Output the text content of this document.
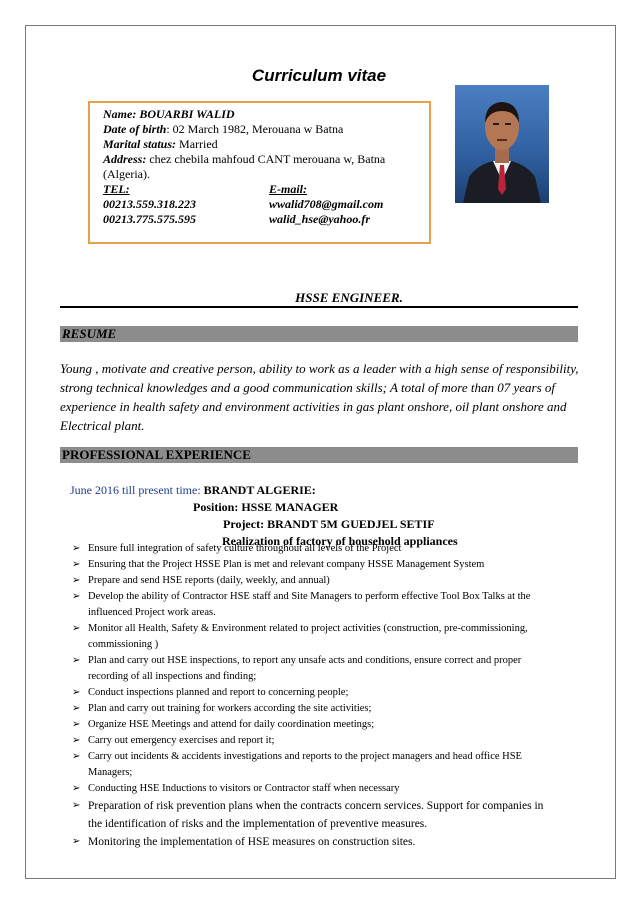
Curriculum vitae
Name: BOUARBI WALID
Date of birth: 02 March 1982, Merouana w Batna
Marital status: Married
Address: chez chebila mahfoud CANT merouana w, Batna (Algeria).
TEL:	E-mail:
00213.559.318.223	wwalid708@gmail.com
00213.775.575.595	walid_hse@yahoo.fr
HSSE ENGINEER.
RESUME
Young , motivate and creative person, ability to work as a leader with a high sense of responsibility, strong technical knowledges and a good communication skills; A total of more than 07 years of experience in health safety and environment activities in gas plant onshore, oil plant onshore and Electrical plant.
PROFESSIONAL EXPERIENCE
June 2016 till present time: BRANDT ALGERIE:
Position: HSSE MANAGER
Project: BRANDT 5M GUEDJEL SETIF
Realization of factory of household appliances
➢ Ensure full integration of safety culture throughout all levels of the Project
➢ Ensuring that the Project HSSE Plan is met and relevant company HSSE Management System
➢ Prepare and send HSE reports (daily, weekly, and annual)
➢ Develop the ability of Contractor HSE staff and Site Managers to perform effective Tool Box Talks at the influenced Project work areas.
➢ Monitor all Health, Safety & Environment related to project activities (construction, pre-commissioning, commissioning )
➢ Plan and carry out HSE inspections, to report any unsafe acts and conditions, ensure correct and proper recording of all inspections and finding;
➢ Conduct inspections planned and report to concerning people;
➢ Plan and carry out training for workers according the site activities;
➢ Organize HSE Meetings and attend for daily coordination meetings;
➢ Carry out emergency exercises and report it;
➢ Carry out incidents & accidents investigations and reports to the project managers and head office HSE Managers;
➢ Conducting HSE Inductions to visitors or Contractor staff when necessary
➢ Preparation of risk prevention plans when the contracts concern services. Support for companies in the identification of risks and the implementation of preventive measures.
➢ Monitoring the implementation of HSE measures on construction sites.
